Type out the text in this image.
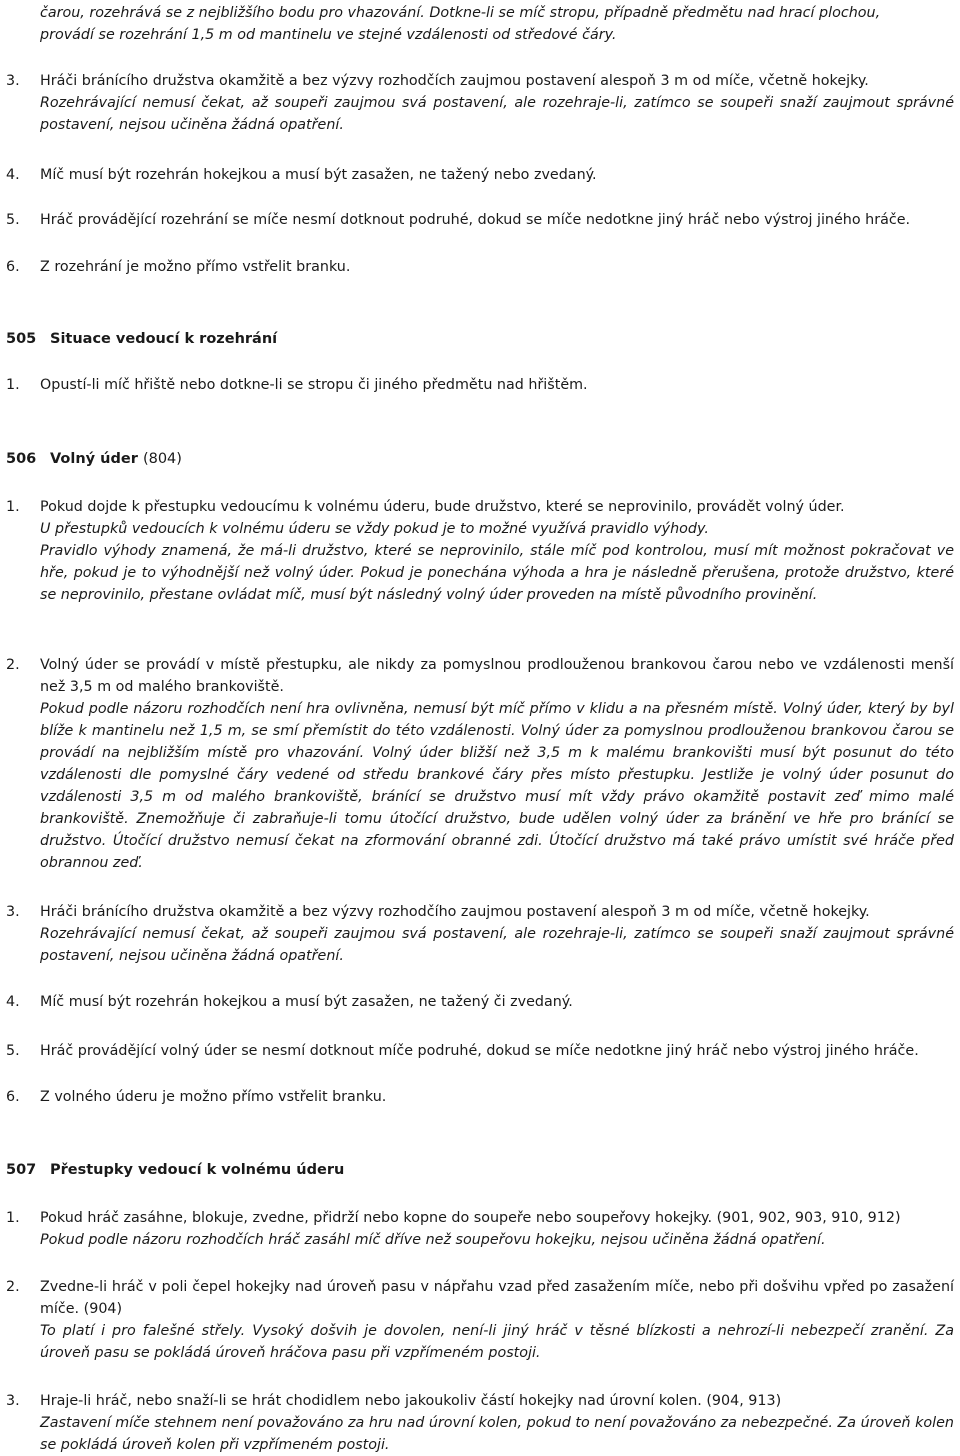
čarou, rozehrává se z nejbližšího bodu pro vhazování. Dotkne-li se míč stropu, případně předmětu nad hrací plochou,
provádí se rozehrání 1,5 m od mantinelu ve stejné vzdálenosti od středové čáry.
3. Hráči bránícího družstva okamžitě a bez výzvy rozhodčích zaujmou postavení alespoň 3 m od míče, včetně hokejky.

Rozehrávající nemusí čekat, až soupeři zaujmou svá postavení, ale rozehraje-li, zatímco se soupeři snaží zaujmout správné postavení, nejsou učiněna žádná opatření.

4. Míč musí být rozehrán hokejkou a musí být zasažen, ne tažený nebo zvedaný.

5. Hráč provádějící rozehrání se míče nesmí dotknout podruhé, dokud se míče nedotkne jiný hráč nebo výstroj jiného hráče.

6. Z rozehrání je možno přímo vstřelit branku.

505 Situace vedoucí k rozehrání
1. Opustí-li míč hřiště nebo dotkne-li se stropu či jiného předmětu nad hřištěm.

506 Volný úder (804)
1. Pokud dojde k přestupku vedoucímu k volnému úderu, bude družstvo, které se neprovinilo, provádět volný úder.

U přestupků vedoucích k volnému úderu se vždy pokud je to možné využívá pravidlo výhody.

Pravidlo výhody znamená, že má-li družstvo, které se neprovinilo, stále míč pod kontrolou, musí mít možnost pokračovat ve hře, pokud je to výhodnější než volný úder. Pokud je ponechána výhoda a hra je následně přerušena, protože družstvo, které se neprovinilo, přestane ovládat míč, musí být následný volný úder proveden na místě původního provinění.

2. Volný úder se provádí v místě přestupku, ale nikdy za pomyslnou prodlouženou brankovou čarou nebo ve vzdálenosti menší než 3,5 m od malého brankoviště.

Pokud podle názoru rozhodčích není hra ovlivněna, nemusí být míč přímo v klidu a na přesném místě. Volný úder, který by byl blíže k mantinelu než 1,5 m, se smí přemístit do této vzdálenosti. Volný úder za pomyslnou prodlouženou brankovou čarou se provádí na nejbližším místě pro vhazování. Volný úder bližší než 3,5 m k malému brankovišti musí být posunut do této vzdálenosti dle pomyslné čáry vedené od středu brankové čáry přes místo přestupku. Jestliže je volný úder posunut do vzdálenosti 3,5 m od malého brankoviště, bránící se družstvo musí mít vždy právo okamžitě postavit zeď mimo malé brankoviště. Znemožňuje či zabraňuje-li tomu útočící družstvo, bude udělen volný úder za bránění ve hře pro bránící se družstvo. Útočící družstvo nemusí čekat na zformování obranné zdi. Útočící družstvo má také právo umístit své hráče před obrannou zeď.

3. Hráči bránícího družstva okamžitě a bez výzvy rozhodčího zaujmou postavení alespoň 3 m od míče, včetně hokejky.

Rozehrávající nemusí čekat, až soupeři zaujmou svá postavení, ale rozehraje-li, zatímco se soupeři snaží zaujmout správné postavení, nejsou učiněna žádná opatření.

4. Míč musí být rozehrán hokejkou a musí být zasažen, ne tažený či zvedaný.

5. Hráč provádějící volný úder se nesmí dotknout míče podruhé, dokud se míče nedotkne jiný hráč nebo výstroj jiného hráče.

6. Z volného úderu je možno přímo vstřelit branku.

507 Přestupky vedoucí k volnému úderu
1. Pokud hráč zasáhne, blokuje, zvedne, přidrží nebo kopne do soupeře nebo soupeřovy hokejky. (901, 902, 903, 910, 912)

Pokud podle názoru rozhodčích hráč zasáhl míč dříve než soupeřovu hokejku, nejsou učiněna žádná opatření.

2. Zvedne-li hráč v poli čepel hokejky nad úroveň pasu v nápřahu vzad před zasažením míče, nebo při došvihu vpřed po zasažení míče. (904)

To platí i pro falešné střely. Vysoký došvih je dovolen, není-li jiný hráč v těsné blízkosti a nehrozí-li nebezpečí zranění. Za úroveň pasu se pokládá úroveň hráčova pasu při vzpřímeném postoji.

3. Hraje-li hráč, nebo snaží-li se hrát chodidlem nebo jakoukoliv částí hokejky nad úrovní kolen. (904, 913)

Zastavení míče stehnem není považováno za hru nad úrovní kolen, pokud to není považováno za nebezpečné. Za úroveň kolen se pokládá úroveň kolen při vzpřímeném postoji.
